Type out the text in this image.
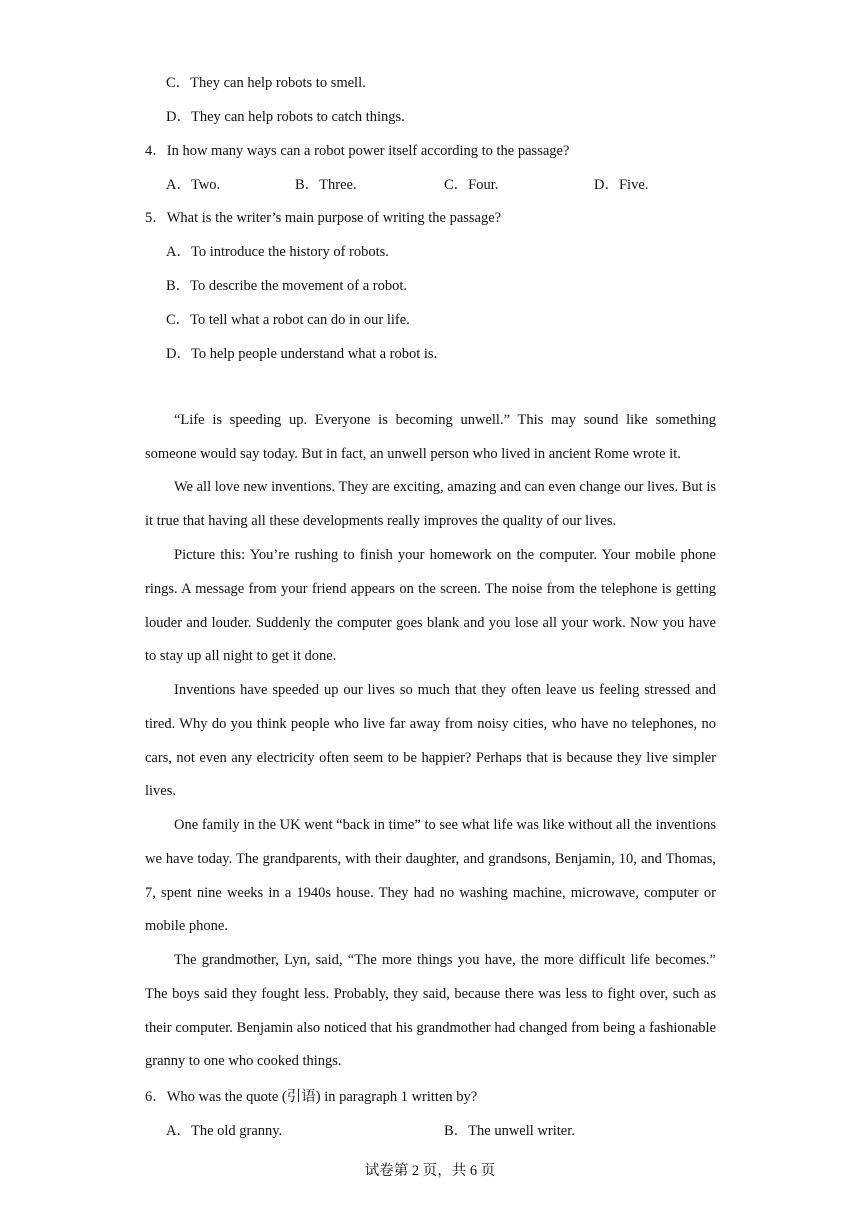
C．They can help robots to smell.
D．They can help robots to catch things.
4．In how many ways can a robot power itself according to the passage?
A．Two.	B．Three.	C．Four.	D．Five.
5．What is the writer’s main purpose of writing the passage?
A．To introduce the history of robots.
B．To describe the movement of a robot.
C．To tell what a robot can do in our life.
D．To help people understand what a robot is.
“Life is speeding up. Everyone is becoming unwell.” This may sound like something someone would say today. But in fact, an unwell person who lived in ancient Rome wrote it.
We all love new inventions. They are exciting, amazing and can even change our lives. But is it true that having all these developments really improves the quality of our lives.
Picture this: You’re rushing to finish your homework on the computer. Your mobile phone rings. A message from your friend appears on the screen. The noise from the telephone is getting louder and louder. Suddenly the computer goes blank and you lose all your work. Now you have to stay up all night to get it done.
Inventions have speeded up our lives so much that they often leave us feeling stressed and tired. Why do you think people who live far away from noisy cities, who have no telephones, no cars, not even any electricity often seem to be happier? Perhaps that is because they live simpler lives.
One family in the UK went “back in time” to see what life was like without all the inventions we have today. The grandparents, with their daughter, and grandsons, Benjamin, 10, and Thomas, 7, spent nine weeks in a 1940s house. They had no washing machine, microwave, computer or mobile phone.
The grandmother, Lyn, said, “The more things you have, the more difficult life becomes.” The boys said they fought less. Probably, they said, because there was less to fight over, such as their computer. Benjamin also noticed that his grandmother had changed from being a fashionable granny to one who cooked things.
6．Who was the quote (引语) in paragraph 1 written by?
A．The old granny.	B．The unwell writer.
试卷第 2 页，共 6 页
